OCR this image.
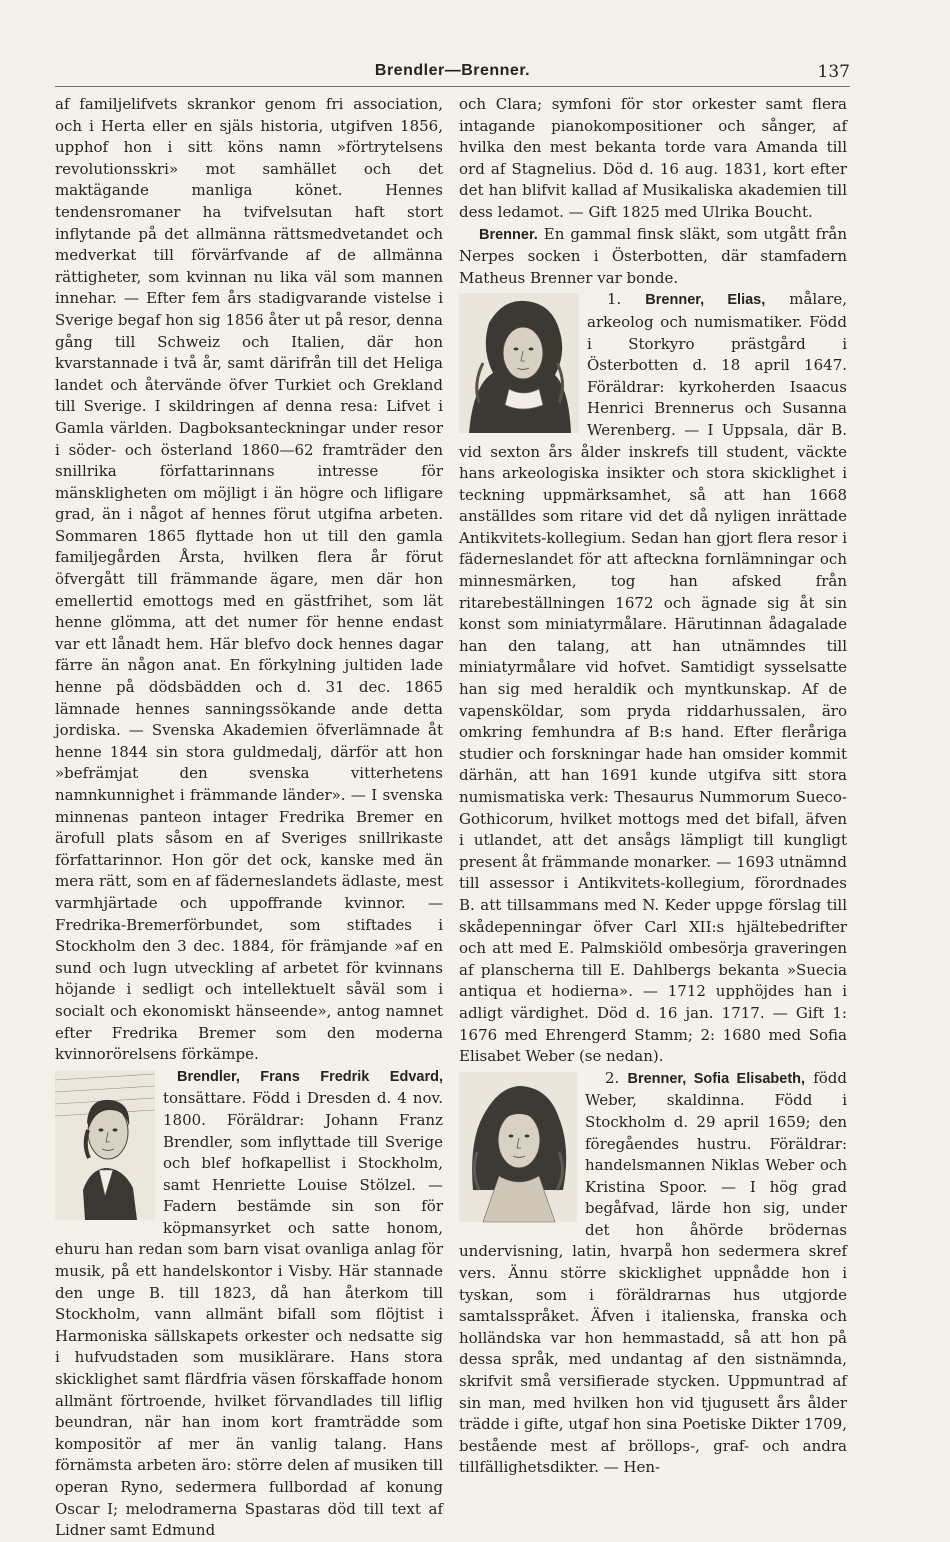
Brendler—Brenner.	137

af familjelifvets skrankor genom fri association, och i Herta eller en själs historia, utgifven 1856, upphof hon i sitt köns namn »förtrytelsens revolutionsskri» mot samhället och det maktägande manliga könet. Hennes tendensromaner ha tvifvelsutan haft stort inflytande på det allmänna rättsmedvetandet och medverkat till förvärfvande af de allmänna rättigheter, som kvinnan nu lika väl som mannen innehar. — Efter fem års stadigvarande vistelse i Sverige begaf hon sig 1856 åter ut på resor, denna gång till Schweiz och Italien, där hon kvarstannade i två år, samt därifrån till det Heliga landet och återvände öfver Turkiet och Grekland till Sverige. I skildringen af denna resa: Lifvet i Gamla världen. Dagboksanteckningar under resor i söder- och österland 1860—62 framträder den snillrika författarinnans intresse för mänskligheten om möjligt i än högre och lifligare grad, än i något af hennes förut utgifna arbeten. Sommaren 1865 flyttade hon ut till den gamla familjegården Årsta, hvilken flera år förut öfvergått till främmande ägare, men där hon emellertid emottogs med en gästfrihet, som lät henne glömma, att det numer för henne endast var ett lånadt hem. Här blefvo dock hennes dagar färre än någon anat. En förkylning jultiden lade henne på dödsbädden och d. 31 dec. 1865 lämnade hennes sanningssökande ande detta jordiska. — Svenska Akademien öfverlämnade åt henne 1844 sin stora guldmedalj, därför att hon »befrämjat den svenska vitterhetens namnkunnighet i främmande länder». — I svenska minnenas panteon intager Fredrika Bremer en ärofull plats såsom en af Sveriges snillrikaste författarinnor. Hon gör det ock, kanske med än mera rätt, som en af fäderneslandets ädlaste, mest varmhjärtade och uppoffrande kvinnor. — Fredrika-Bremerförbundet, som stiftades i Stockholm den 3 dec. 1884, för främjande »af en sund och lugn utveckling af arbetet för kvinnans höjande i sedligt och intellektuelt såväl som i socialt och ekonomiskt hänseende», antog namnet efter Fredrika Bremer som den moderna kvinnorörelsens förkämpe.

Brendler, Frans Fredrik Edvard, tonsättare. Född i Dresden d. 4 nov. 1800. Föräldrar: Johann Franz Brendler, som inflyttade till Sverige och blef hofkapellist i Stockholm, samt Henriette Louise Stölzel. — Fadern bestämde sin son för köpmansyrket och satte honom, ehuru han redan som barn visat ovanliga anlag för musik, på ett handelskontor i Visby. Här stannade den unge B. till 1823, då han återkom till Stockholm, vann allmänt bifall som flöjtist i Harmoniska sällskapets orkester och nedsatte sig i hufvudstaden som musiklärare. Hans stora skicklighet samt flärdfria väsen förskaffade honom allmänt förtroende, hvilket förvandlades till liflig beundran, när han inom kort framträdde som kompositör af mer än vanlig talang. Hans förnämsta arbeten äro: större delen af musiken till operan Ryno, sedermera fullbordad af konung Oscar I; melodramerna Spastaras död till text af Lidner samt Edmund

och Clara; symfoni för stor orkester samt flera intagande pianokompositioner och sånger, af hvilka den mest bekanta torde vara Amanda till ord af Stagnelius. Död d. 16 aug. 1831, kort efter det han blifvit kallad af Musikaliska akademien till dess ledamot. — Gift 1825 med Ulrika Boucht.

Brenner. En gammal finsk släkt, som utgått från Nerpes socken i Österbotten, där stamfadern Matheus Brenner var bonde.

1. Brenner, Elias, målare, arkeolog och numismatiker. Född i Storkyro prästgård i Österbotten d. 18 april 1647. Föräldrar: kyrkoherden Isaacus Henrici Brennerus och Susanna Werenberg. — I Uppsala, där B. vid sexton års ålder inskrefs till student, väckte hans arkeologiska insikter och stora skicklighet i teckning uppmärksamhet, så att han 1668 anställdes som ritare vid det då nyligen inrättade Antikvitets-kollegium. Sedan han gjort flera resor i fäderneslandet för att afteckna fornlämningar och minnesmärken, tog han afsked från ritarebeställningen 1672 och ägnade sig åt sin konst som miniatyrmålare. Härutinnan ådagalade han den talang, att han utnämndes till miniatyrmålare vid hofvet. Samtidigt sysselsatte han sig med heraldik och myntkunskap. Af de vapensköldar, som pryda riddarhussalen, äro omkring femhundra af B:s hand. Efter fleråriga studier och forskningar hade han omsider kommit därhän, att han 1691 kunde utgifva sitt stora numismatiska verk: Thesaurus Nummorum Sueco-Gothicorum, hvilket mottogs med det bifall, äfven i utlandet, att det ansågs lämpligt till kungligt present åt främmande monarker. — 1693 utnämnd till assessor i Antikvitets-kollegium, förordnades B. att tillsammans med N. Keder uppge förslag till skådepenningar öfver Carl XII:s hjältebedrifter och att med E. Palmskiöld ombesörja graveringen af planscherna till E. Dahlbergs bekanta »Suecia antiqua et hodierna». — 1712 upphöjdes han i adligt värdighet. Död d. 16 jan. 1717. — Gift 1: 1676 med Ehrengerd Stamm; 2: 1680 med Sofia Elisabet Weber (se nedan).

2. Brenner, Sofia Elisabeth, född Weber, skaldinna. Född i Stockholm d. 29 april 1659; den föregåendes hustru. Föräldrar: handelsmannen Niklas Weber och Kristina Spoor. — I hög grad begåfvad, lärde hon sig, under det hon åhörde brödernas undervisning, latin, hvarpå hon sedermera skref vers. Ännu större skicklighet uppnådde hon i tyskan, som i föräldrarnas hus utgjorde samtalsspråket. Äfven i italienska, franska och holländska var hon hemmastadd, så att hon på dessa språk, med undantag af den sistnämnda, skrifvit små versifierade stycken. Uppmuntrad af sin man, med hvilken hon vid tjugusett års ålder trädde i gifte, utgaf hon sina Poetiske Dikter 1709, bestående mest af bröllops-, graf- och andra tillfällighetsdikter. — Hen-
